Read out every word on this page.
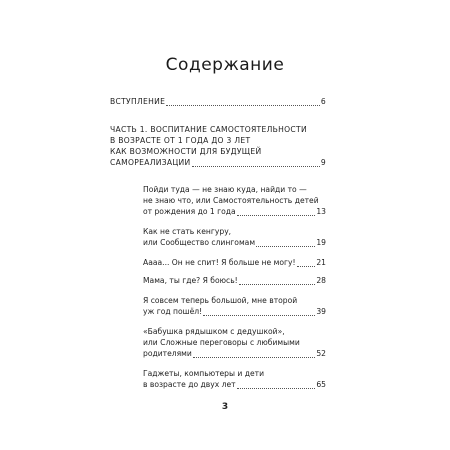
Содержание
ВСТУПЛЕНИЕ	6
ЧАСТЬ 1. ВОСПИТАНИЕ САМОСТОЯТЕЛЬНОСТИ
В ВОЗРАСТЕ ОТ 1 ГОДА ДО 3 ЛЕТ
КАК ВОЗМОЖНОСТИ ДЛЯ БУДУЩЕЙ
САМОРЕАЛИЗАЦИИ	9
Пойди туда — не знаю куда, найди то —
не знаю что, или Самостоятельность детей
от рождения до 1 года	13
Как не стать кенгуру,
или Сообщество слингомам	19
Аааа... Он не спит! Я больше не могу!	21
Мама, ты где? Я боюсь!	28
Я совсем теперь большой, мне второй
уж год пошёл!	39
«Бабушка рядышком с дедушкой»,
или Сложные переговоры с любимыми
родителями	52
Гаджеты, компьютеры и дети
в возрасте до двух лет	65
3
